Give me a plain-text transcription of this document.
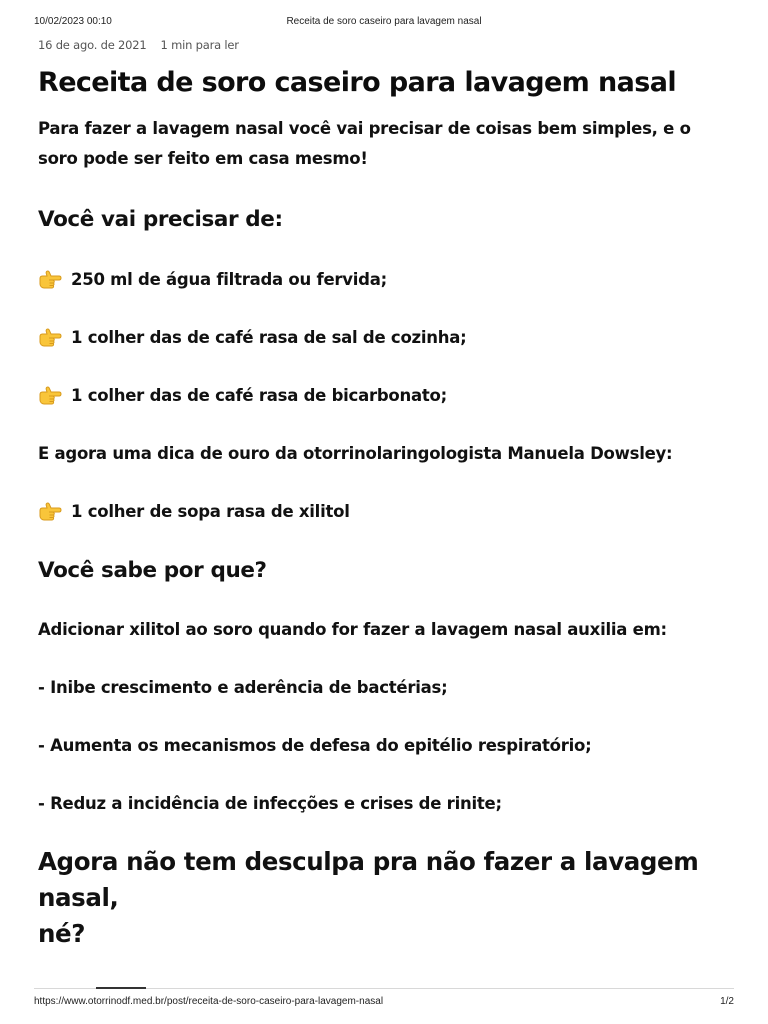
10/02/2023 00:10	Receita de soro caseiro para lavagem nasal
16 de ago. de 2021 1 min para ler
Receita de soro caseiro para lavagem nasal

Para fazer a lavagem nasal você vai precisar de coisas bem simples, e o
soro pode ser feito em casa mesmo!

Você vai precisar de:

250 ml de água filtrada ou fervida;

1 colher das de café rasa de sal de cozinha;

1 colher das de café rasa de bicarbonato;

E agora uma dica de ouro da otorrinolaringologista Manuela Dowsley:

1 colher de sopa rasa de xilitol

Você sabe por que?

Adicionar xilitol ao soro quando for fazer a lavagem nasal auxilia em:

- Inibe crescimento e aderência de bactérias;

- Aumenta os mecanismos de defesa do epitélio respiratório;

- Reduz a incidência de infecções e crises de rinite;

Agora não tem desculpa pra não fazer a lavagem nasal,
né?
https://www.otorrinodf.med.br/post/receita-de-soro-caseiro-para-lavagem-nasal	1/2
